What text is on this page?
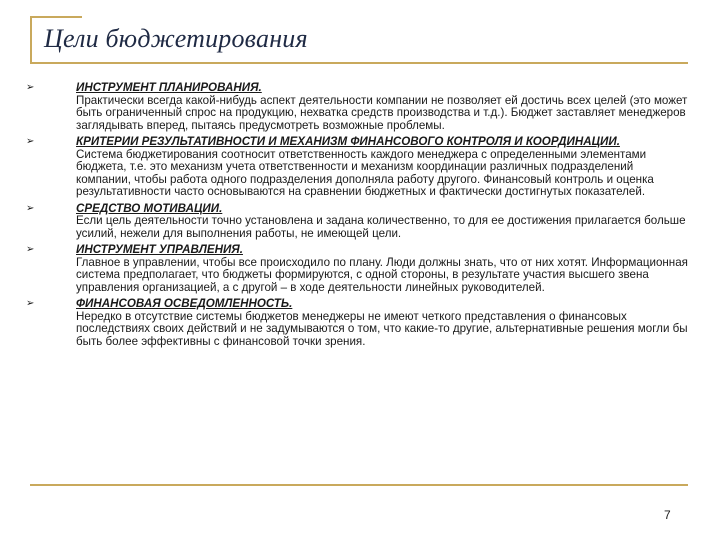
Цели бюджетирования
➢	ИНСТРУМЕНТ ПЛАНИРОВАНИЯ.

Практически всегда какой-нибудь аспект деятельности компании не позволяет ей достичь всех целей (это может быть ограниченный спрос на продукцию, нехватка средств производства и т.д.). Бюджет заставляет менеджеров заглядывать вперед, пытаясь предусмотреть возможные проблемы.

➢	КРИТЕРИИ РЕЗУЛЬТАТИВНОСТИ И МЕХАНИЗМ ФИНАНСОВОГО КОНТРОЛЯ И КООРДИНАЦИИ.

Система бюджетирования соотносит ответственность каждого менеджера с определенными элементами бюджета, т.е. это механизм учета ответственности и механизм координации различных подразделений компании, чтобы работа одного подразделения дополняла работу другого. Финансовый контроль и оценка результативности часто основываются на сравнении бюджетных и фактически достигнутых показателей.

➢	СРЕДСТВО МОТИВАЦИИ.

Если цель деятельности точно установлена и задана количественно, то для ее достижения прилагается больше усилий, нежели для выполнения работы, не имеющей цели.

➢	ИНСТРУМЕНТ УПРАВЛЕНИЯ.

Главное в управлении, чтобы все происходило по плану. Люди должны знать, что от них хотят. Информационная система предполагает, что бюджеты формируются, с одной стороны, в результате участия высшего звена управления организацией, а с другой – в ходе деятельности линейных руководителей.

➢	ФИНАНСОВАЯ ОСВЕДОМЛЕННОСТЬ.

Нередко в отсутствие системы бюджетов менеджеры не имеют четкого представления о финансовых последствиях своих действий и не задумываются о том, что какие-то другие, альтернативные решения могли бы быть более эффективны с финансовой точки зрения.

7
